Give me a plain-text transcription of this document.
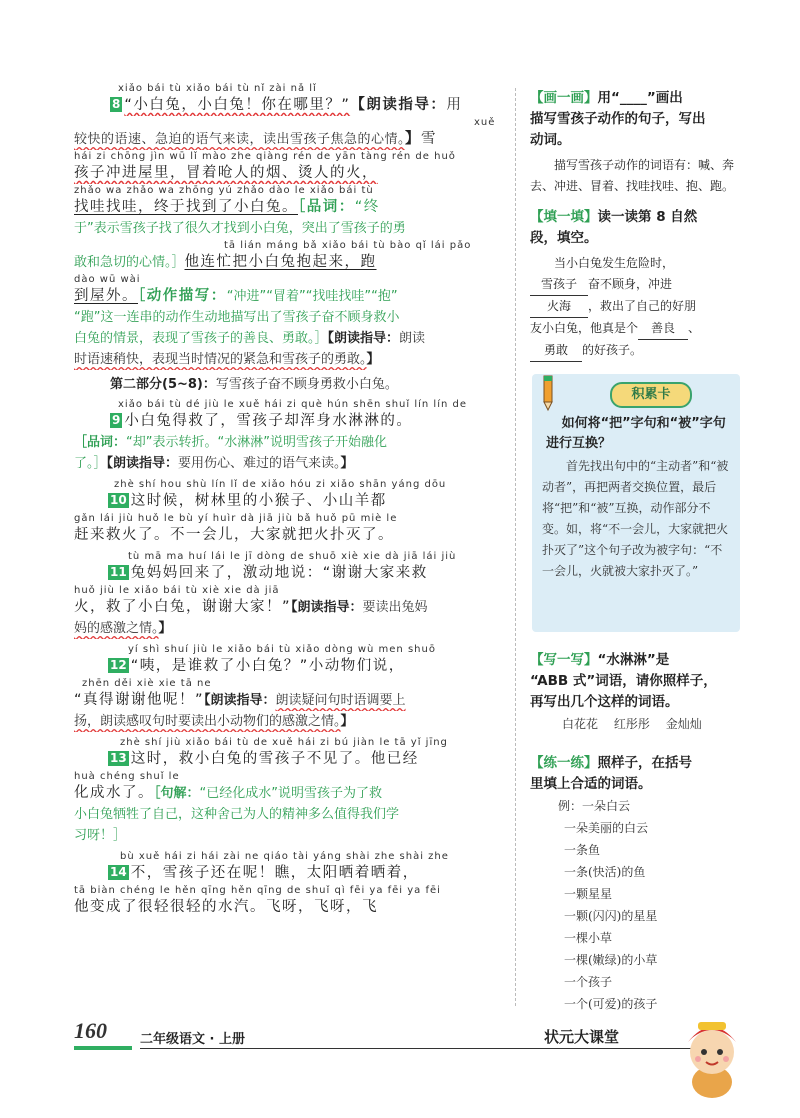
xiǎo bái tù xiǎo bái tù nǐ zài nǎ lǐ
8 “小白兔，小白兔！你在哪里？”【朗读指导：用
xuě
较快的语速、急迫的语气来读，读出雪孩子焦急的心情。】雪
hái zi chōng jìn wū lǐ mào zhe qiàng rén de yān tàng rén de huǒ
孩子冲进屋里，冒着呛人的烟、烫人的火，
zhǎo wa zhǎo wa zhōng yú zhǎo dào le xiǎo bái tù
找哇找哇，终于找到了小白兔。［品词：“终
于”表示雪孩子找了很久才找到小白兔，突出了雪孩子的勇
tā lián máng bǎ xiǎo bái tù bào qǐ lái pǎo
敢和急切的心情。］他连忙把小白兔抱起来，跑
dào wū wài
到屋外。［动作描写：“冲进”“冒着”“找哇找哇”“抱”
“跑”这一连串的动作生动地描写出了雪孩子奋不顾身救小
白兔的情景，表现了雪孩子的善良、勇敢。］【朗读指导：朗读
时语速稍快，表现当时情况的紧急和雪孩子的勇敢。】
第二部分(5~8)：写雪孩子奋不顾身勇救小白兔。
xiǎo bái tù dé jiù le xuě hái zi què hún shēn shuǐ lín lín de
9 小白兔得救了，雪孩子却浑身水淋淋的。
［品词：“却”表示转折。“水淋淋”说明雪孩子开始融化
了。］【朗读指导：要用伤心、难过的语气来读。】
zhè shí hou shù lín lǐ de xiǎo hóu zi xiǎo shān yáng dōu
10 这时候，树林里的小猴子、小山羊都
gǎn lái jiù huǒ le bù yí huìr dà jiā jiù bǎ huǒ pū miè le
赶来救火了。不一会儿，大家就把火扑灭了。
tù mā ma huí lái le jī dòng de shuō xiè xie dà jiā lái jiù
11 兔妈妈回来了，激动地说：“谢谢大家来救
huǒ jiù le xiǎo bái tù xiè xie dà jiā
火，救了小白兔，谢谢大家！”【朗读指导：要读出兔妈
妈的感激之情。】
yí shì shuí jiù le xiǎo bái tù xiǎo dòng wù men shuō
12 “咦，是谁救了小白兔？”小动物们说，
zhēn děi xiè xie tā ne
“真得谢谢他呢！”【朗读指导：朗读疑问句时语调要上
扬，朗读感叹句时要读出小动物们的感激之情。】
zhè shí jiù xiǎo bái tù de xuě hái zi bú jiàn le tā yǐ jīng
13 这时，救小白兔的雪孩子不见了。他已经
huà chéng shuǐ le
化成水了。［句解：“已经化成水”说明雪孩子为了救
小白兔牺牲了自己，这种舍己为人的精神多么值得我们学
习呀！］
bù xuě hái zi hái zài ne qiáo tài yáng shài zhe shài zhe
14 不，雪孩子还在呢！瞧，太阳晒着晒着，
tā biàn chéng le hěn qīng hěn qīng de shuǐ qì fēi ya fēi ya fēi
他变成了很轻很轻的水汽。飞呀，飞呀，飞
【画一画】用“____”画出
描写雪孩子动作的句子，写出
动词。
描写雪孩子动作的词语有：喊、奔去、冲进、冒着、找哇找哇、抱、跑。
【填一填】读一读第 8 自然
段，填空。
当小白兔发生危险时，
雪孩子 奋不顾身，冲进
火海 ，救出了自己的好朋
友小白兔，他真是个 善良 、
勇敢 的好孩子。
积累卡
如何将“把”字句和“被”字句进行互换？
首先找出句中的“主动者”和“被动者”，再把两者交换位置，最后将“把”和“被”互换，动作部分不变。如，将“不一会儿，大家就把火扑灭了”这个句子改为被字句：“不一会儿，火就被大家扑灭了。”
【写一写】“水淋淋”是
“ABB 式”词语，请你照样子，
再写出几个这样的词语。
白花花 红彤彤 金灿灿
【练一练】照样子，在括号
里填上合适的词语。
例：一朵白云
一朵美丽的白云
一条鱼
一条(快活)的鱼
一颗星星
一颗(闪闪)的星星
一棵小草
一棵(嫩绿)的小草
一个孩子
一个(可爱)的孩子
160	二年级语文 · 上册	状元大课堂
